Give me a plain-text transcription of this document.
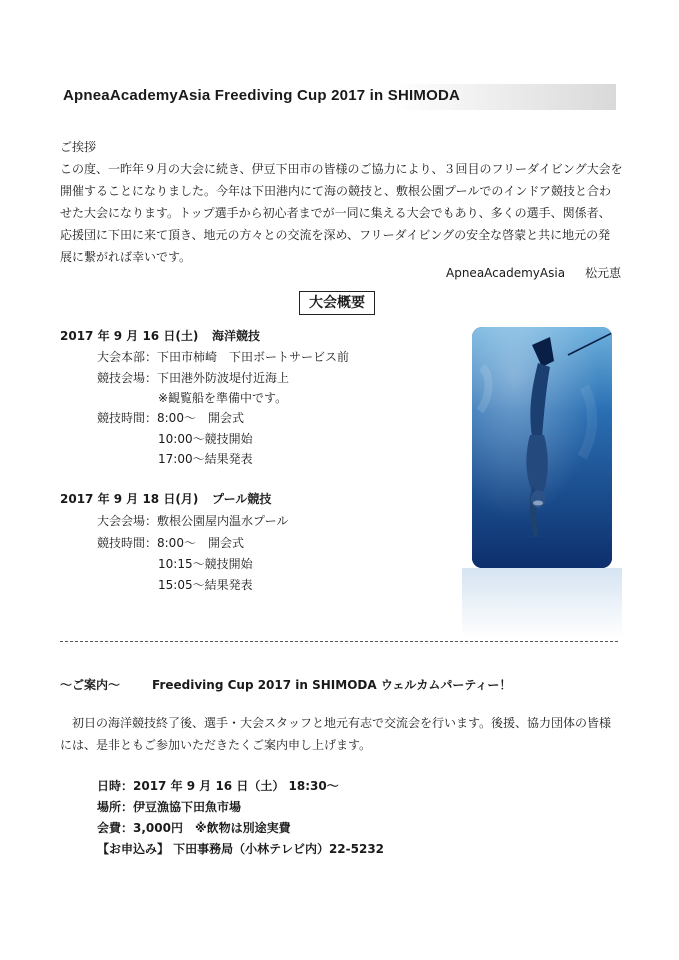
ApneaAcademyAsia Freediving Cup 2017 in SHIMODA
ご挨拶
この度、一昨年９月の大会に続き、伊豆下田市の皆様のご協力により、３回目のフリーダイビング大会を
開催することになりました。今年は下田港内にて海の競技と、敷根公園プールでのインドア競技と合わ
せた大会になります。トップ選手から初心者までが一同に集える大会でもあり、多くの選手、関係者、
応援団に下田に来て頂き、地元の方々との交流を深め、フリーダイビングの安全な啓蒙と共に地元の発
展に繋がれば幸いです。
ApneaAcademyAsia 松元恵
大会概要
2017 年 9 月 16 日(土) 海洋競技
大会本部：下田市柿崎　下田ボートサービス前
競技会場：下田港外防波堤付近海上
※観覧船を準備中です。
競技時間：8:00～　開会式
10:00～競技開始
17:00～結果発表
2017 年 9 月 18 日(月) プール競技
大会会場：敷根公園屋内温水プール
競技時間：8:00～　開会式
10:15～競技開始
15:05～結果発表
～ご案内～	Freediving Cup 2017 in SHIMODA ウェルカムパーティー！
初日の海洋競技終了後、選手・大会スタッフと地元有志で交流会を行います。後援、協力団体の皆様
には、是非ともご参加いただきたくご案内申し上げます。
日時：2017 年 9 月 16 日（土） 18:30～
場所：伊豆漁協下田魚市場
会費：3,000円　※飲物は別途実費
【お申込み】 下田事務局（小林テレビ内）22-5232
